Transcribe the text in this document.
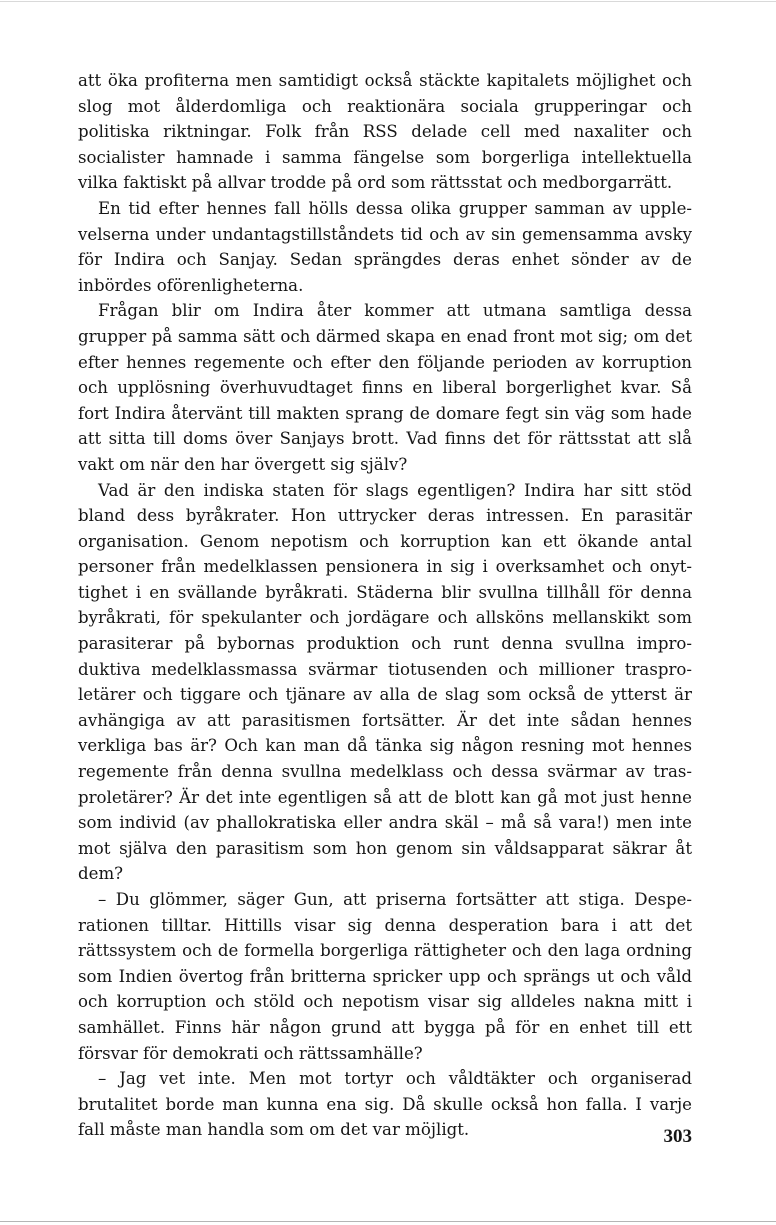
att öka profiterna men samtidigt också stäckte kapitalets möjlighet och slog mot ålderdomliga och reaktionära sociala grupperingar och politiska riktningar. Folk från RSS delade cell med naxaliter och socialister hamnade i samma fängelse som borgerliga intellektuella vilka faktiskt på allvar trodde på ord som rättsstat och medborgarrätt.

En tid efter hennes fall hölls dessa olika grupper samman av upplevelserna under undantagstillståndets tid och av sin gemensamma avsky för Indira och Sanjay. Sedan sprängdes deras enhet sönder av de inbördes oförenligheterna.

Frågan blir om Indira åter kommer att utmana samtliga dessa grupper på samma sätt och därmed skapa en enad front mot sig; om det efter hennes regemente och efter den följande perioden av korruption och upplösning överhuvudtaget finns en liberal borgerlighet kvar. Så fort Indira återvänt till makten sprang de domare fegt sin väg som hade att sitta till doms över Sanjays brott. Vad finns det för rättsstat att slå vakt om när den har övergett sig själv?

Vad är den indiska staten för slags egentligen? Indira har sitt stöd bland dess byråkrater. Hon uttrycker deras intressen. En parasitär organisation. Genom nepotism och korruption kan ett ökande antal personer från medelklassen pensionera in sig i overksamhet och onyttighet i en svällande byråkrati. Städerna blir svullna tillhåll för denna byråkrati, för spekulanter och jordägare och allsköns mellanskikt som parasiterar på bybornas produktion och runt denna svullna improduktiva medelklassmassa svärmar tiotusenden och millioner trasproletärer och tiggare och tjänare av alla de slag som också de ytterst är avhängiga av att parasitismen fortsätter. Är det inte sådan hennes verkliga bas är? Och kan man då tänka sig någon resning mot hennes regemente från denna svullna medelklass och dessa svärmar av trasproletärer? Är det inte egentligen så att de blott kan gå mot just henne som individ (av phallokratiska eller andra skäl – må så vara!) men inte mot själva den parasitism som hon genom sin våldsapparat säkrar åt dem?

– Du glömmer, säger Gun, att priserna fortsätter att stiga. Desperationen tilltar. Hittills visar sig denna desperation bara i att det rättssystem och de formella borgerliga rättigheter och den laga ordning som Indien övertog från britterna spricker upp och sprängs ut och våld och korruption och stöld och nepotism visar sig alldeles nakna mitt i samhället. Finns här någon grund att bygga på för en enhet till ett försvar för demokrati och rättssamhälle?

– Jag vet inte. Men mot tortyr och våldtäkter och organiserad brutalitet borde man kunna ena sig. Då skulle också hon falla. I varje fall måste man handla som om det var möjligt.	303
